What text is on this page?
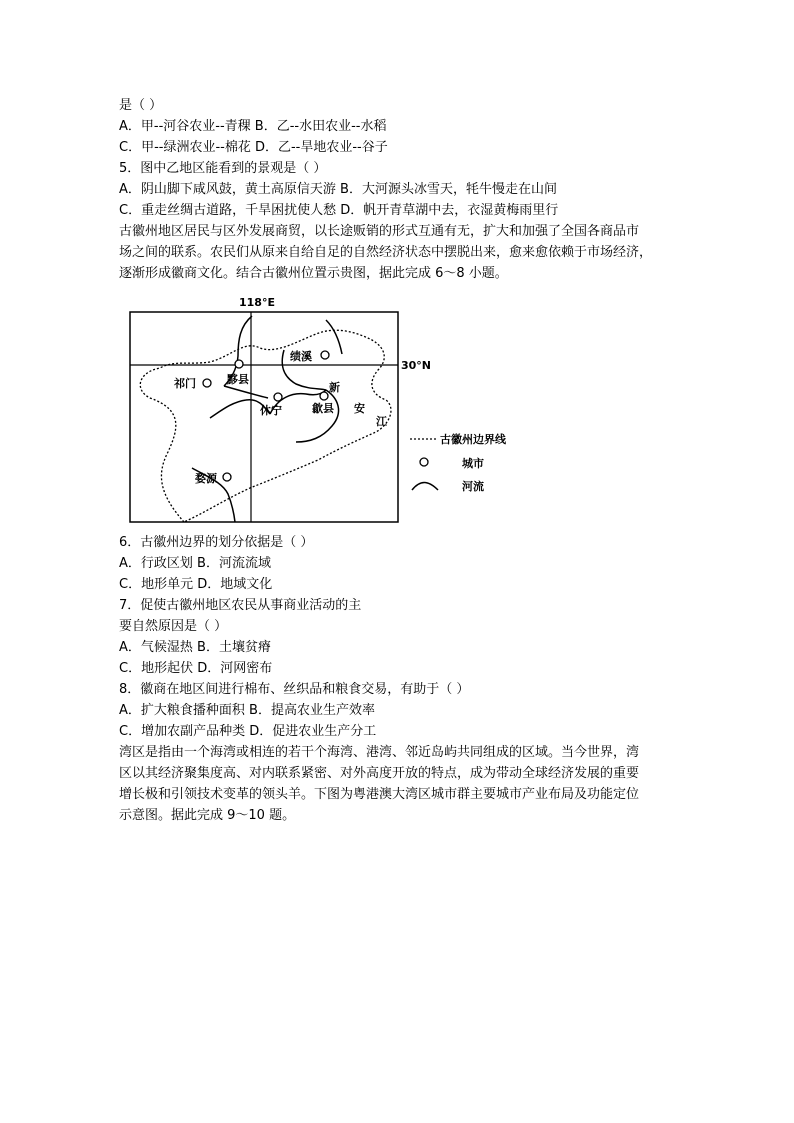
是（ ）
A．甲--河谷农业--青稞 B．乙--水田农业--水稻
C．甲--绿洲农业--棉花 D．乙--旱地农业--谷子
5．图中乙地区能看到的景观是（ ）
A．阴山脚下咸风鼓，黄土高原信天游 B．大河源头冰雪天，牦牛慢走在山间
C．重走丝绸古道路，千旱困扰使人愁 D．帆开青草湖中去，衣湿黄梅雨里行
古徽州地区居民与区外发展商贸，以长途贩销的形式互通有无，扩大和加强了全国各商品市
场之间的联系。农民们从原来自给自足的自然经济状态中摆脱出来，愈来愈依赖于市场经济，
逐渐形成徽商文化。结合古徽州位置示贵图，据此完成 6～8 小题。
118°E
30°N
绩溪
黟县
祁门
休宁	歙县
婺源
新
安
江
古徽州边界线
城市
河流
6．古徽州边界的划分依据是（ ）
A．行政区划 B．河流流域
C．地形单元 D．地域文化
7．促使古徽州地区农民从事商业活动的主
要自然原因是（ ）
A．气候湿热 B．土壤贫瘠
C．地形起伏 D．河网密布
8．徽商在地区间进行棉布、丝织品和粮食交易，有助于（ ）
A．扩大粮食播种面积 B．提高农业生产效率
C．增加农副产品种类 D．促进农业生产分工
湾区是指由一个海湾或相连的若干个海湾、港湾、邻近岛屿共同组成的区域。当今世界，湾
区以其经济聚集度高、对内联系紧密、对外高度开放的特点，成为带动全球经济发展的重要
增长极和引领技术变革的领头羊。下图为粤港澳大湾区城市群主要城市产业布局及功能定位
示意图。据此完成 9～10 题。
